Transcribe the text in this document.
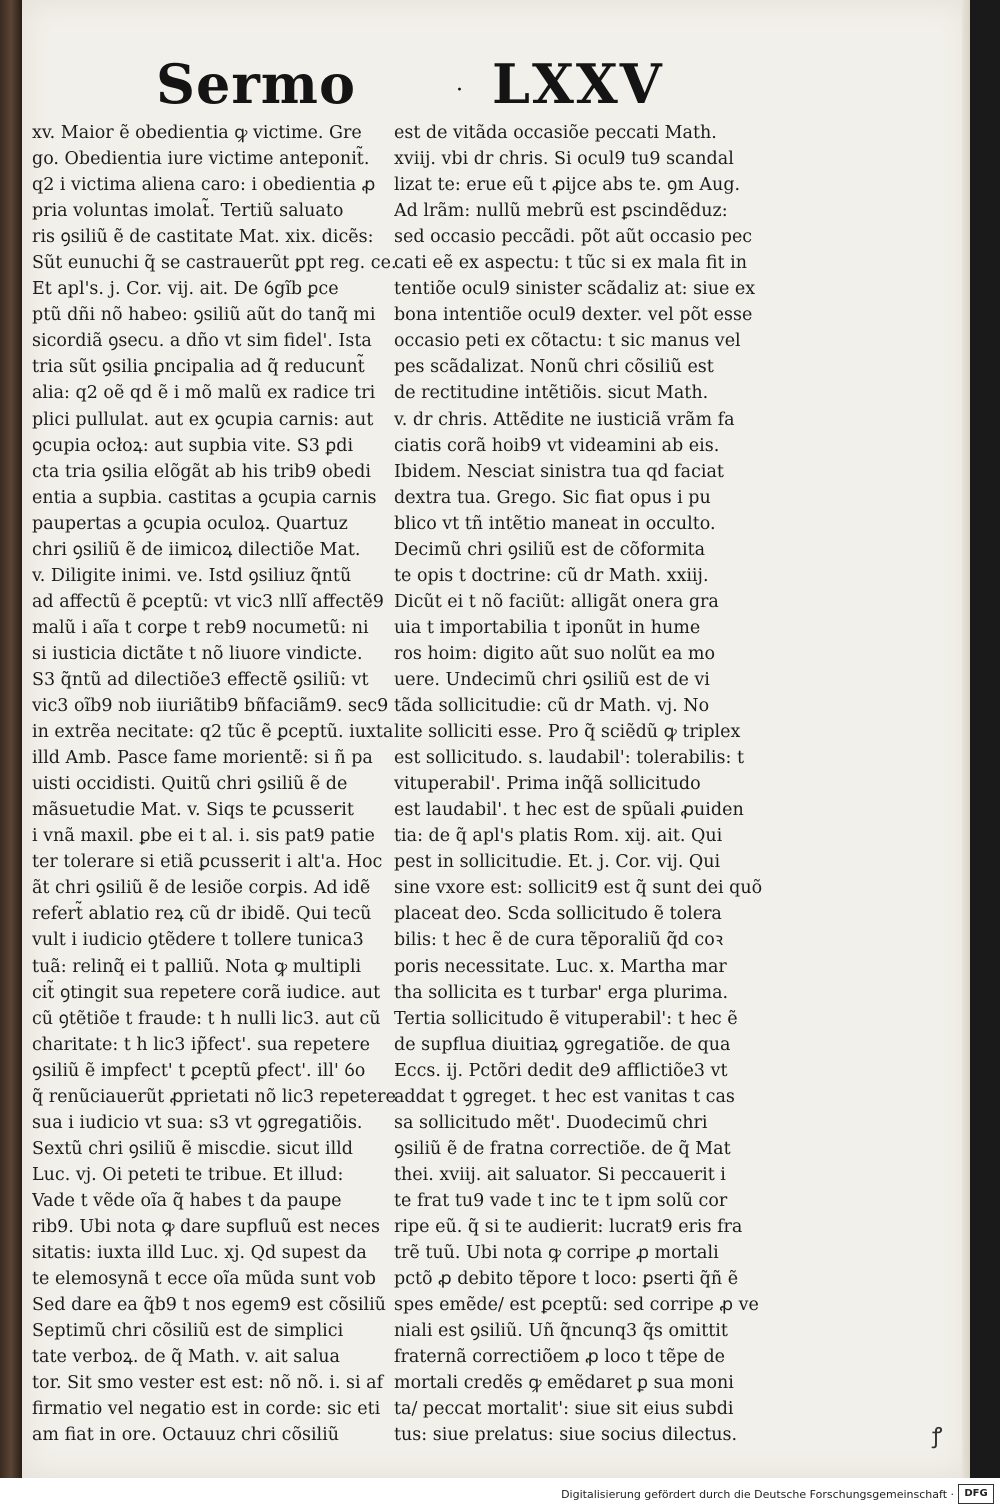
Sermo	· LXXV
xv. Maior ẽ obedientia ꝙ victime. Gre
go. Obedientia iure victime anteponit̃.
q2 i victima aliena caro: i obedientia ꝓ
pria voluntas imolat̃. Tertiũ saluato
ris ꝯsiliũ ẽ de castitate Mat. xix. dicẽs:
Sũt eunuchi q̃ se castrauerũt ꝑpt reg. ce.
Et apl's. j. Cor. vij. ait. De ỽgĩb ꝑce
ptũ dñi nõ habeo: ꝯsiliũ aũt do tanq̃ mi
sicordiã ꝯsecu. a dño vt sim fidel'. Ista
tria sũt ꝯsilia ꝑncipalia ad q̃ reducunt̃
alia: q2 oẽ qd ẽ i mõ malũ ex radice tri
plici pullulat. aut ex ꝯcupia carnis: aut
ꝯcupia ocłoꝝ: aut supbia vite. S3 ꝑdi
cta tria ꝯsilia elõgãt ab his trib9 obedi
entia a supbia. castitas a ꝯcupia carnis
paupertas a ꝯcupia oculoꝝ. Quartuz
chri ꝯsiliũ ẽ de iimicoꝝ dilectiõe Mat.
v. Diligite inimi. ve. Istd ꝯsiliuz q̃ntũ
ad affectũ ẽ ꝑceptũ: vt vic3 nllĩ affectẽ9
malũ i aĩa t corꝑe t reb9 nocumetũ: ni
si iusticia dictãte t nõ liuore vindicte.
S3 q̃ntũ ad dilectiõe3 effectẽ ꝯsiliũ: vt
vic3 oĩb9 nob iiuriãtib9 bñfaciãm9. sec9
in extrẽa necitate: q2 tũc ẽ ꝑceptũ. iuxta
illd Amb. Pasce fame morientẽ: si ñ pa
uisti occidisti. Quitũ chri ꝯsiliũ ẽ de
mãsuetudie Mat. v. Siqs te ꝑcusserit
i vnã maxil. ꝑbe ei t al. i. sis pat9 patie
ter tolerare si etiã ꝑcusserit i alt'a. Hoc
ãt chri ꝯsiliũ ẽ de lesiõe corꝑis. Ad idẽ
refert̃ ablatio reꝝ cũ dr ibidẽ. Qui tecũ
vult i iudicio ꝯtẽdere t tollere tunica3
tuã: relinq̃ ei t palliũ. Nota ꝙ multipli
cit̃ ꝯtingit sua repetere corã iudice. aut
cũ ꝯtẽtiõe t fraude: t h nulli lic3. aut cũ
charitate: t h lic3 ip̃fect'. sua repetere
ꝯsiliũ ẽ impfect' t ꝑceptũ ꝑfect'. ill' ỽo
q̃ renũciauerũt ꝓprietati nõ lic3 repetere
sua i iudicio vt sua: s3 vt ꝯgregatiõis.
Sextũ chri ꝯsiliũ ẽ miscdie. sicut illd
Luc. vj. Oi peteti te tribue. Et illud:
Vade t vẽde oĩa q̃ habes t da paupe
rib9. Ubi nota ꝙ dare supfluũ est neces
sitatis: iuxta illd Luc. xj. Qd supest da
te elemosynã t ecce oĩa mũda sunt vob
Sed dare ea q̃b9 t nos egem9 est cõsiliũ
Septimũ chri cõsiliũ est de simplici
tate verboꝝ. de q̃ Math. v. ait salua
tor. Sit smo vester est est: nõ nõ. i. si af
firmatio vel negatio est in corde: sic eti
am fiat in ore. Octauuz chri cõsiliũ
est de vitãda occasiõe peccati Math.
xviij. vbi dr chris. Si ocul9 tu9 scandal
lizat te: erue eũ t ꝓijce abs te. ꝯm Aug.
Ad lrãm: nullũ mebrũ est ꝑscindẽduz:
sed occasio peccãdi. põt aũt occasio pec
cati eẽ ex aspectu: t tũc si ex mala fit in
tentiõe ocul9 sinister scãdaliz at: siue ex
bona intentiõe ocul9 dexter. vel põt esse
occasio peti ex cõtactu: t sic manus vel
pes scãdalizat. Nonũ chri cõsiliũ est
de rectitudine intẽtiõis. sicut Math.
v. dr chris. Attẽdite ne iusticiã vrãm fa
ciatis corã hoib9 vt videamini ab eis.
Ibidem. Nesciat sinistra tua qd faciat
dextra tua. Grego. Sic fiat opus i pu
blico vt tñ intẽtio maneat in occulto.
Decimũ chri ꝯsiliũ est de cõformita
te opis t doctrine: cũ dr Math. xxiij.
Dicũt ei t nõ faciũt: alligãt onera gra
uia t importabilia t iponũt in hume
ros hoim: digito aũt suo nolũt ea mo
uere. Undecimũ chri ꝯsiliũ est de vi
tãda sollicitudie: cũ dr Math. vj. No
lite solliciti esse. Pro q̃ sciẽdũ ꝙ triplex
est sollicitudo. s. laudabil': tolerabilis: t
vituperabil'. Prima inq̃ã sollicitudo
est laudabil'. t hec est de spũali ꝓuiden
tia: de q̃ apl's platis Rom. xij. ait. Qui
pest in sollicitudie. Et. j. Cor. vij. Qui
sine vxore est: sollicit9 est q̃ sunt dei quõ
placeat deo. Scda sollicitudo ẽ tolera
bilis: t hec ẽ de cura tẽporaliũ q̃d coꝛ
poris necessitate. Luc. x. Martha mar
tha sollicita es t turbar' erga plurima.
Tertia sollicitudo ẽ vituperabil': t hec ẽ
de supflua diuitiaꝝ ꝯgregatiõe. de qua
Eccs. ij. Pctõri dedit de9 afflictiõe3 vt
addat t ꝯgreget. t hec est vanitas t cas
sa sollicitudo mẽt'. Duodecimũ chri
ꝯsiliũ ẽ de fratna correctiõe. de q̃ Mat
thei. xviij. ait saluator. Si peccauerit i
te frat tu9 vade t inc te t ipm solũ cor
ripe eũ. q̃ si te audierit: lucrat9 eris fra
trẽ tuũ. Ubi nota ꝙ corripe ꝓ mortali
pctõ ꝓ debito tẽpore t loco: ꝑserti q̃ñ ẽ
spes emẽde/ est ꝑceptũ: sed corripe ꝓ ve
niali est ꝯsiliũ. Uñ q̃ncunq3 q̃s omittit
fraternã correctiõem ꝓ loco t tẽpe de
mortali credẽs ꝙ emẽdaret ꝑ sua moni
ta/ peccat mortalit': siue sit eius subdi
tus: siue prelatus: siue socius dilectus.	ꝭ
Digitalisierung gefördert durch die Deutsche Forschungsgemeinschaft ·	DFG
